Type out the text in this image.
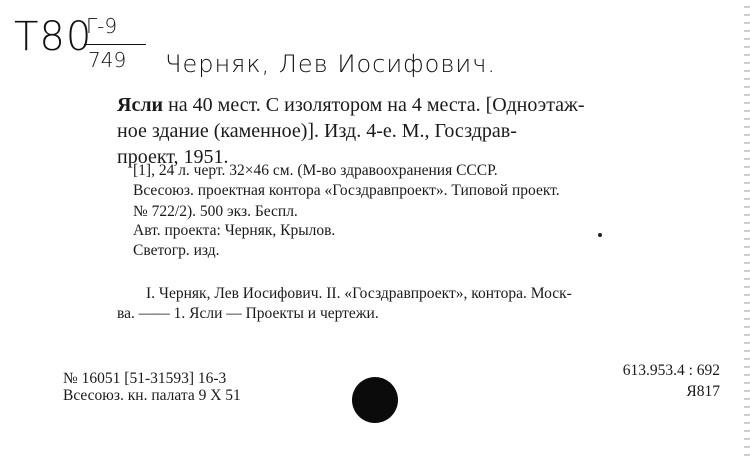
Т80
Г-9
749 Черняк, Лев Иосифович.
Ясли на 40 мест. С изолятором на 4 места. [Одноэтаж-
ное здание (каменное)]. Изд. 4-е. М., Госздрав-
проект, 1951.
[1], 24 л. черт. 32×46 см. (М-во здравоохранения СССР.
Всесоюз. проектная контора «Госздравпроект». Типовой проект.
№ 722/2). 500 экз. Беспл.
Авт. проекта: Черняк, Крылов.
Светогр. изд.
I. Черняк, Лев Иосифович. II. «Госздравпроект», контора. Моск-
ва. —— 1. Ясли — Проекты и чертежи.
№ 16051 [51-31593] 16-3
Всесоюз. кн. палата 9 X 51
613.953.4 : 692
Я817
